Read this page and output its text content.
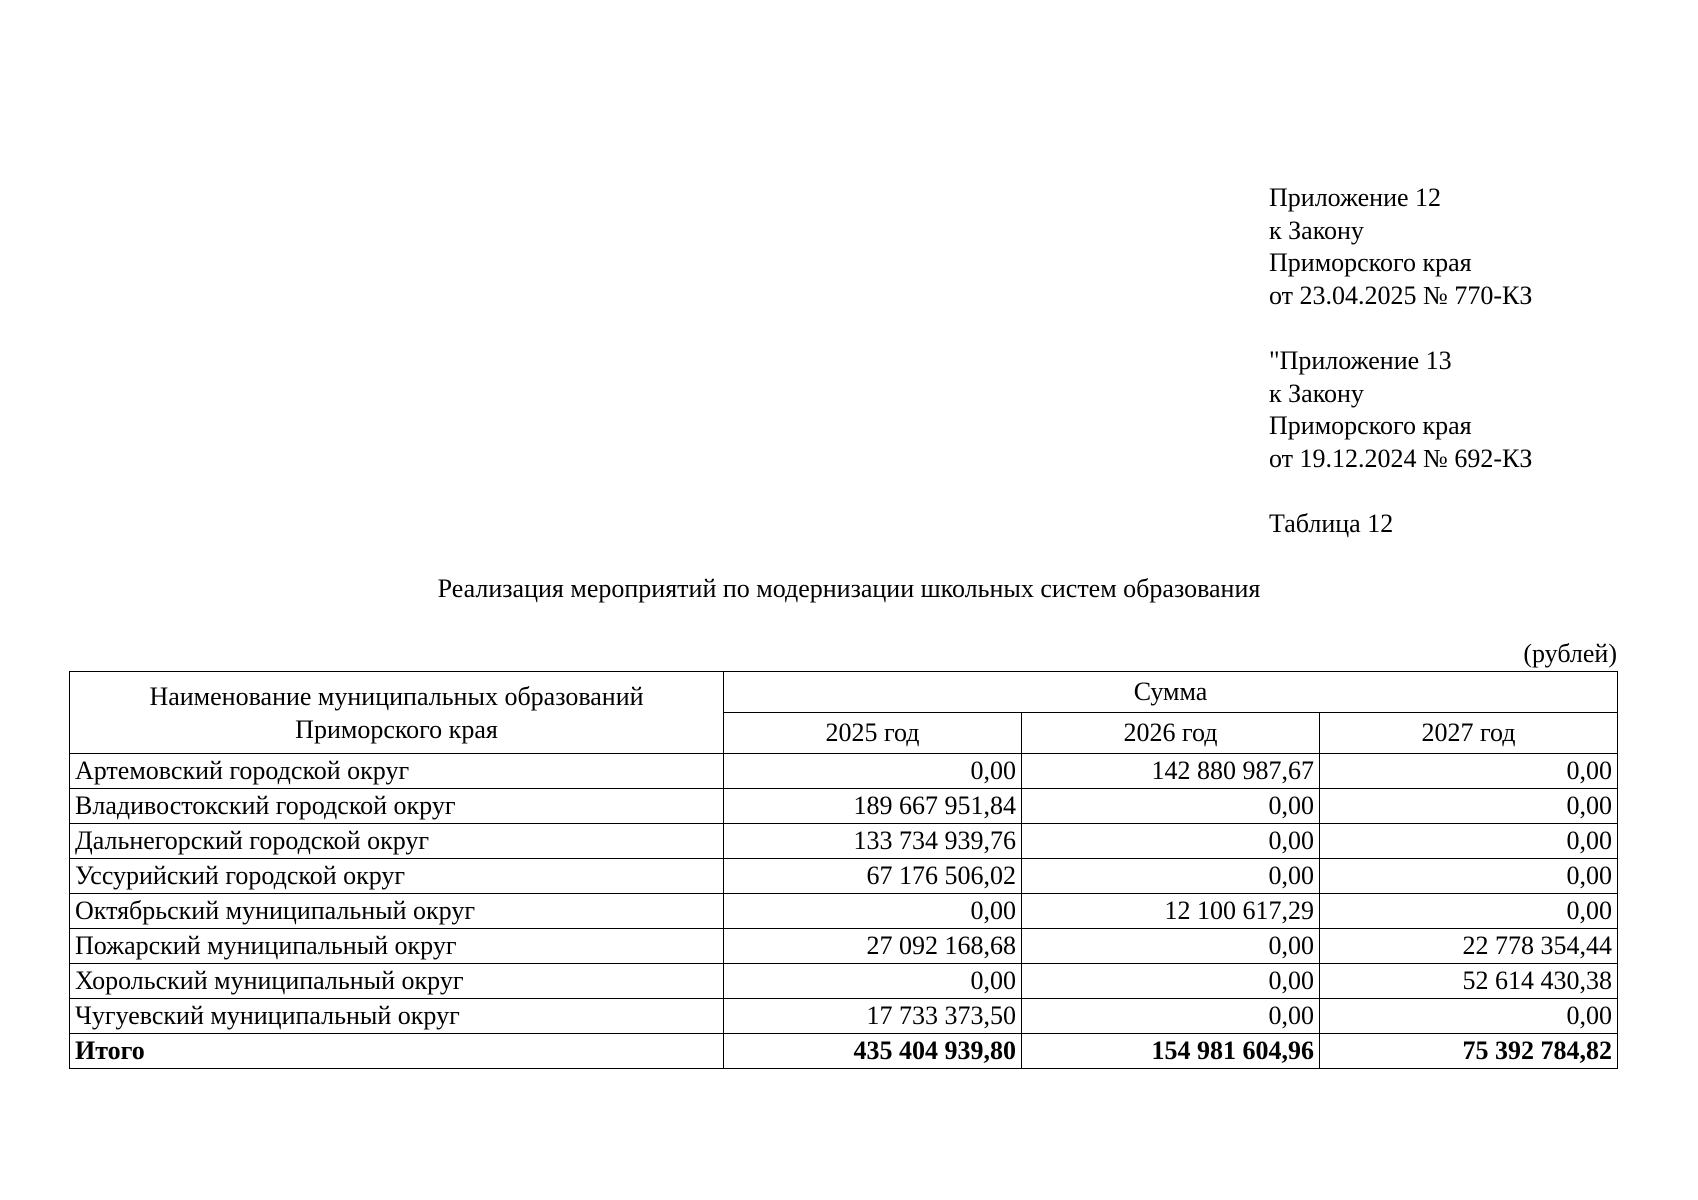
Приложение 12
к Закону
Приморского края
от 23.04.2025 № 770-КЗ
"Приложение 13
к Закону
Приморского края
от 19.12.2024 № 692-КЗ
Таблица 12
Реализация мероприятий по модернизации школьных систем образования
(рублей)
Наименование муниципальных образований
Приморского края	Сумма		
	2025 год	2026 год	2027 год
Артемовский городской округ	0,00	142 880 987,67	0,00
Владивостокский городской округ	189 667 951,84	0,00	0,00
Дальнегорский городской округ	133 734 939,76	0,00	0,00
Уссурийский городской округ	67 176 506,02	0,00	0,00
Октябрьский муниципальный округ	0,00	12 100 617,29	0,00
Пожарский муниципальный округ	27 092 168,68	0,00	22 778 354,44
Хорольский муниципальный округ	0,00	0,00	52 614 430,38
Чугуевский муниципальный округ	17 733 373,50	0,00	0,00
Итого	435 404 939,80	154 981 604,96	75 392 784,82
